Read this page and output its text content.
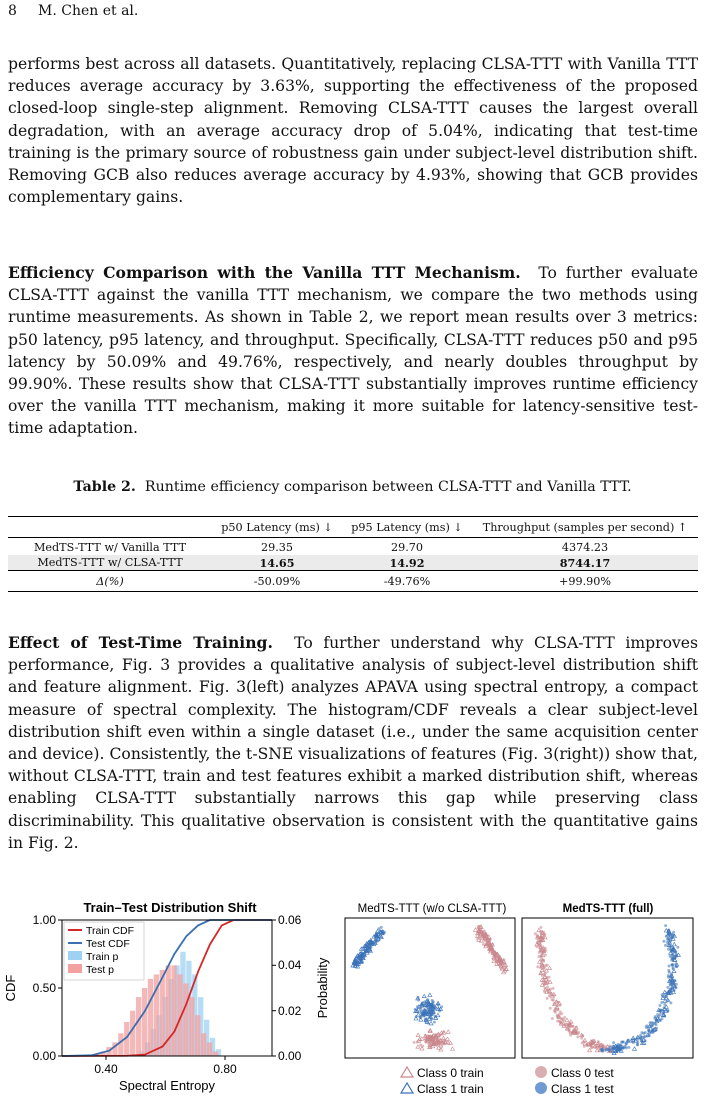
8 M. Chen et al.

performs best across all datasets. Quantitatively, replacing CLSA-TTT with Vanilla TTT reduces average accuracy by 3.63%, supporting the effectiveness of the proposed closed-loop single-step alignment. Removing CLSA-TTT causes the largest overall degradation, with an average accuracy drop of 5.04%, indicating that test-time training is the primary source of robustness gain under subject-level distribution shift. Removing GCB also reduces average accuracy by 4.93%, showing that GCB provides complementary gains.

Efficiency Comparison with the Vanilla TTT Mechanism. To further evaluate CLSA-TTT against the vanilla TTT mechanism, we compare the two methods using runtime measurements. As shown in Table 2, we report mean results over 3 metrics: p50 latency, p95 latency, and throughput. Specifically, CLSA-TTT reduces p50 and p95 latency by 50.09% and 49.76%, respectively, and nearly doubles throughput by 99.90%. These results show that CLSA-TTT substantially improves runtime efficiency over the vanilla TTT mechanism, making it more suitable for latency-sensitive test-time adaptation.

Table 2. Runtime efficiency comparison between CLSA-TTT and Vanilla TTT.
	p50 Latency (ms) ↓	p95 Latency (ms) ↓	Throughput (samples per second) ↑
MedTS-TTT w/ Vanilla TTT	29.35	29.70	4374.23
MedTS-TTT w/ CLSA-TTT	14.65	14.92	8744.17
Δ(%)	-50.09%	-49.76%	+99.90%

Effect of Test-Time Training. To further understand why CLSA-TTT improves performance, Fig. 3 provides a qualitative analysis of subject-level distribution shift and feature alignment. Fig. 3(left) analyzes APAVA using spectral entropy, a compact measure of spectral complexity. The histogram/CDF reveals a clear subject-level distribution shift even within a single dataset (i.e., under the same acquisition center and device). Consistently, the t-SNE visualizations of features (Fig. 3(right)) show that, without CLSA-TTT, train and test features exhibit a marked distribution shift, whereas enabling CLSA-TTT substantially narrows this gap while preserving class discriminability. This qualitative observation is consistent with the quantitative gains in Fig. 2.

Train–Test Distribution Shift
1.00
0.50
0.00
CDF
0.06
0.04
0.02
0.00
Probability
0.40	0.80
Spectral Entropy
Train CDF
Test CDF
Train p
Test p
MedTS-TTT (w/o CLSA-TTT)	MedTS-TTT (full)
Class 0 train
Class 1 train
Class 0 test
Class 1 test
